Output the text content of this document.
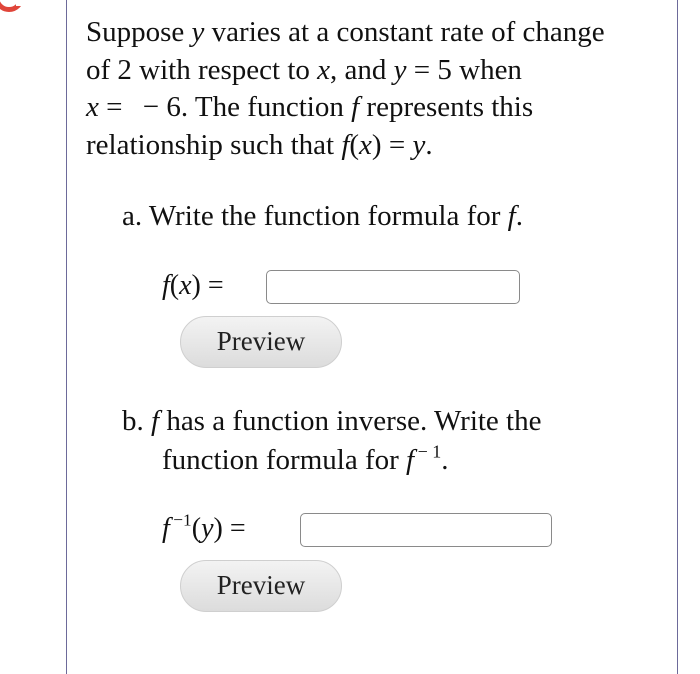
Suppose y varies at a constant rate of change
of 2 with respect to x, and y = 5 when
x =   − 6. The function f represents this
relationship such that f(x) = y.
a. Write the function formula for f.
f(x) =
Preview
b. f has a function inverse. Write the
function formula for f $^{- 1}$.
f $^{-1}$(y) =
Preview
